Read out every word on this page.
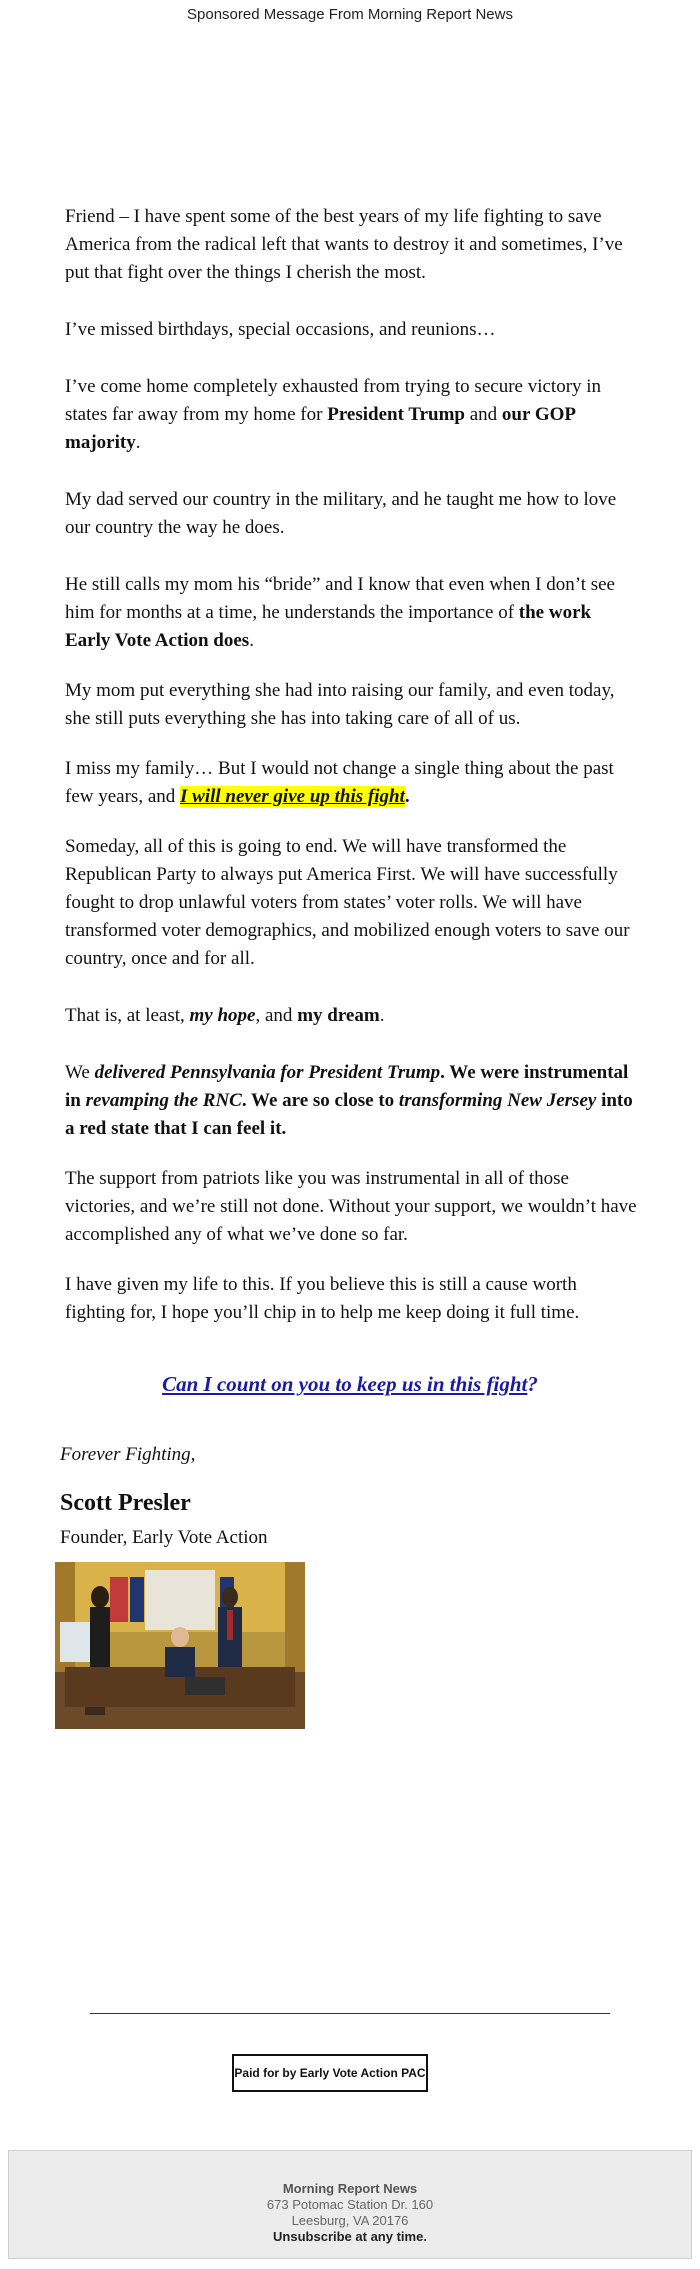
Sponsored Message From Morning Report News

Friend – I have spent some of the best years of my life fighting to save America from the radical left that wants to destroy it and sometimes, I’ve put that fight over the things I cherish the most.

I’ve missed birthdays, special occasions, and reunions…

I’ve come home completely exhausted from trying to secure victory in states far away from my home for President Trump and our GOP majority.

My dad served our country in the military, and he taught me how to love our country the way he does.

He still calls my mom his “bride” and I know that even when I don’t see him for months at a time, he understands the importance of the work Early Vote Action does.

My mom put everything she had into raising our family, and even today, she still puts everything she has into taking care of all of us.

I miss my family… But I would not change a single thing about the past few years, and I will never give up this fight.

Someday, all of this is going to end. We will have transformed the Republican Party to always put America First. We will have successfully fought to drop unlawful voters from states’ voter rolls. We will have transformed voter demographics, and mobilized enough voters to save our country, once and for all.

That is, at least, my hope, and my dream.

We delivered Pennsylvania for President Trump. We were instrumental in revamping the RNC. We are so close to transforming New Jersey into a red state that I can feel it.

The support from patriots like you was instrumental in all of those victories, and we’re still not done. Without your support, we wouldn’t have accomplished any of what we’ve done so far.

I have given my life to this. If you believe this is still a cause worth fighting for, I hope you’ll chip in to help me keep doing it full time.

Can I count on you to keep us in this fight?
Forever Fighting,
Scott Presler
Founder, Early Vote Action
Paid for by Early Vote Action PAC
Morning Report News
673 Potomac Station Dr. 160
Leesburg, VA 20176
Unsubscribe at any time.
